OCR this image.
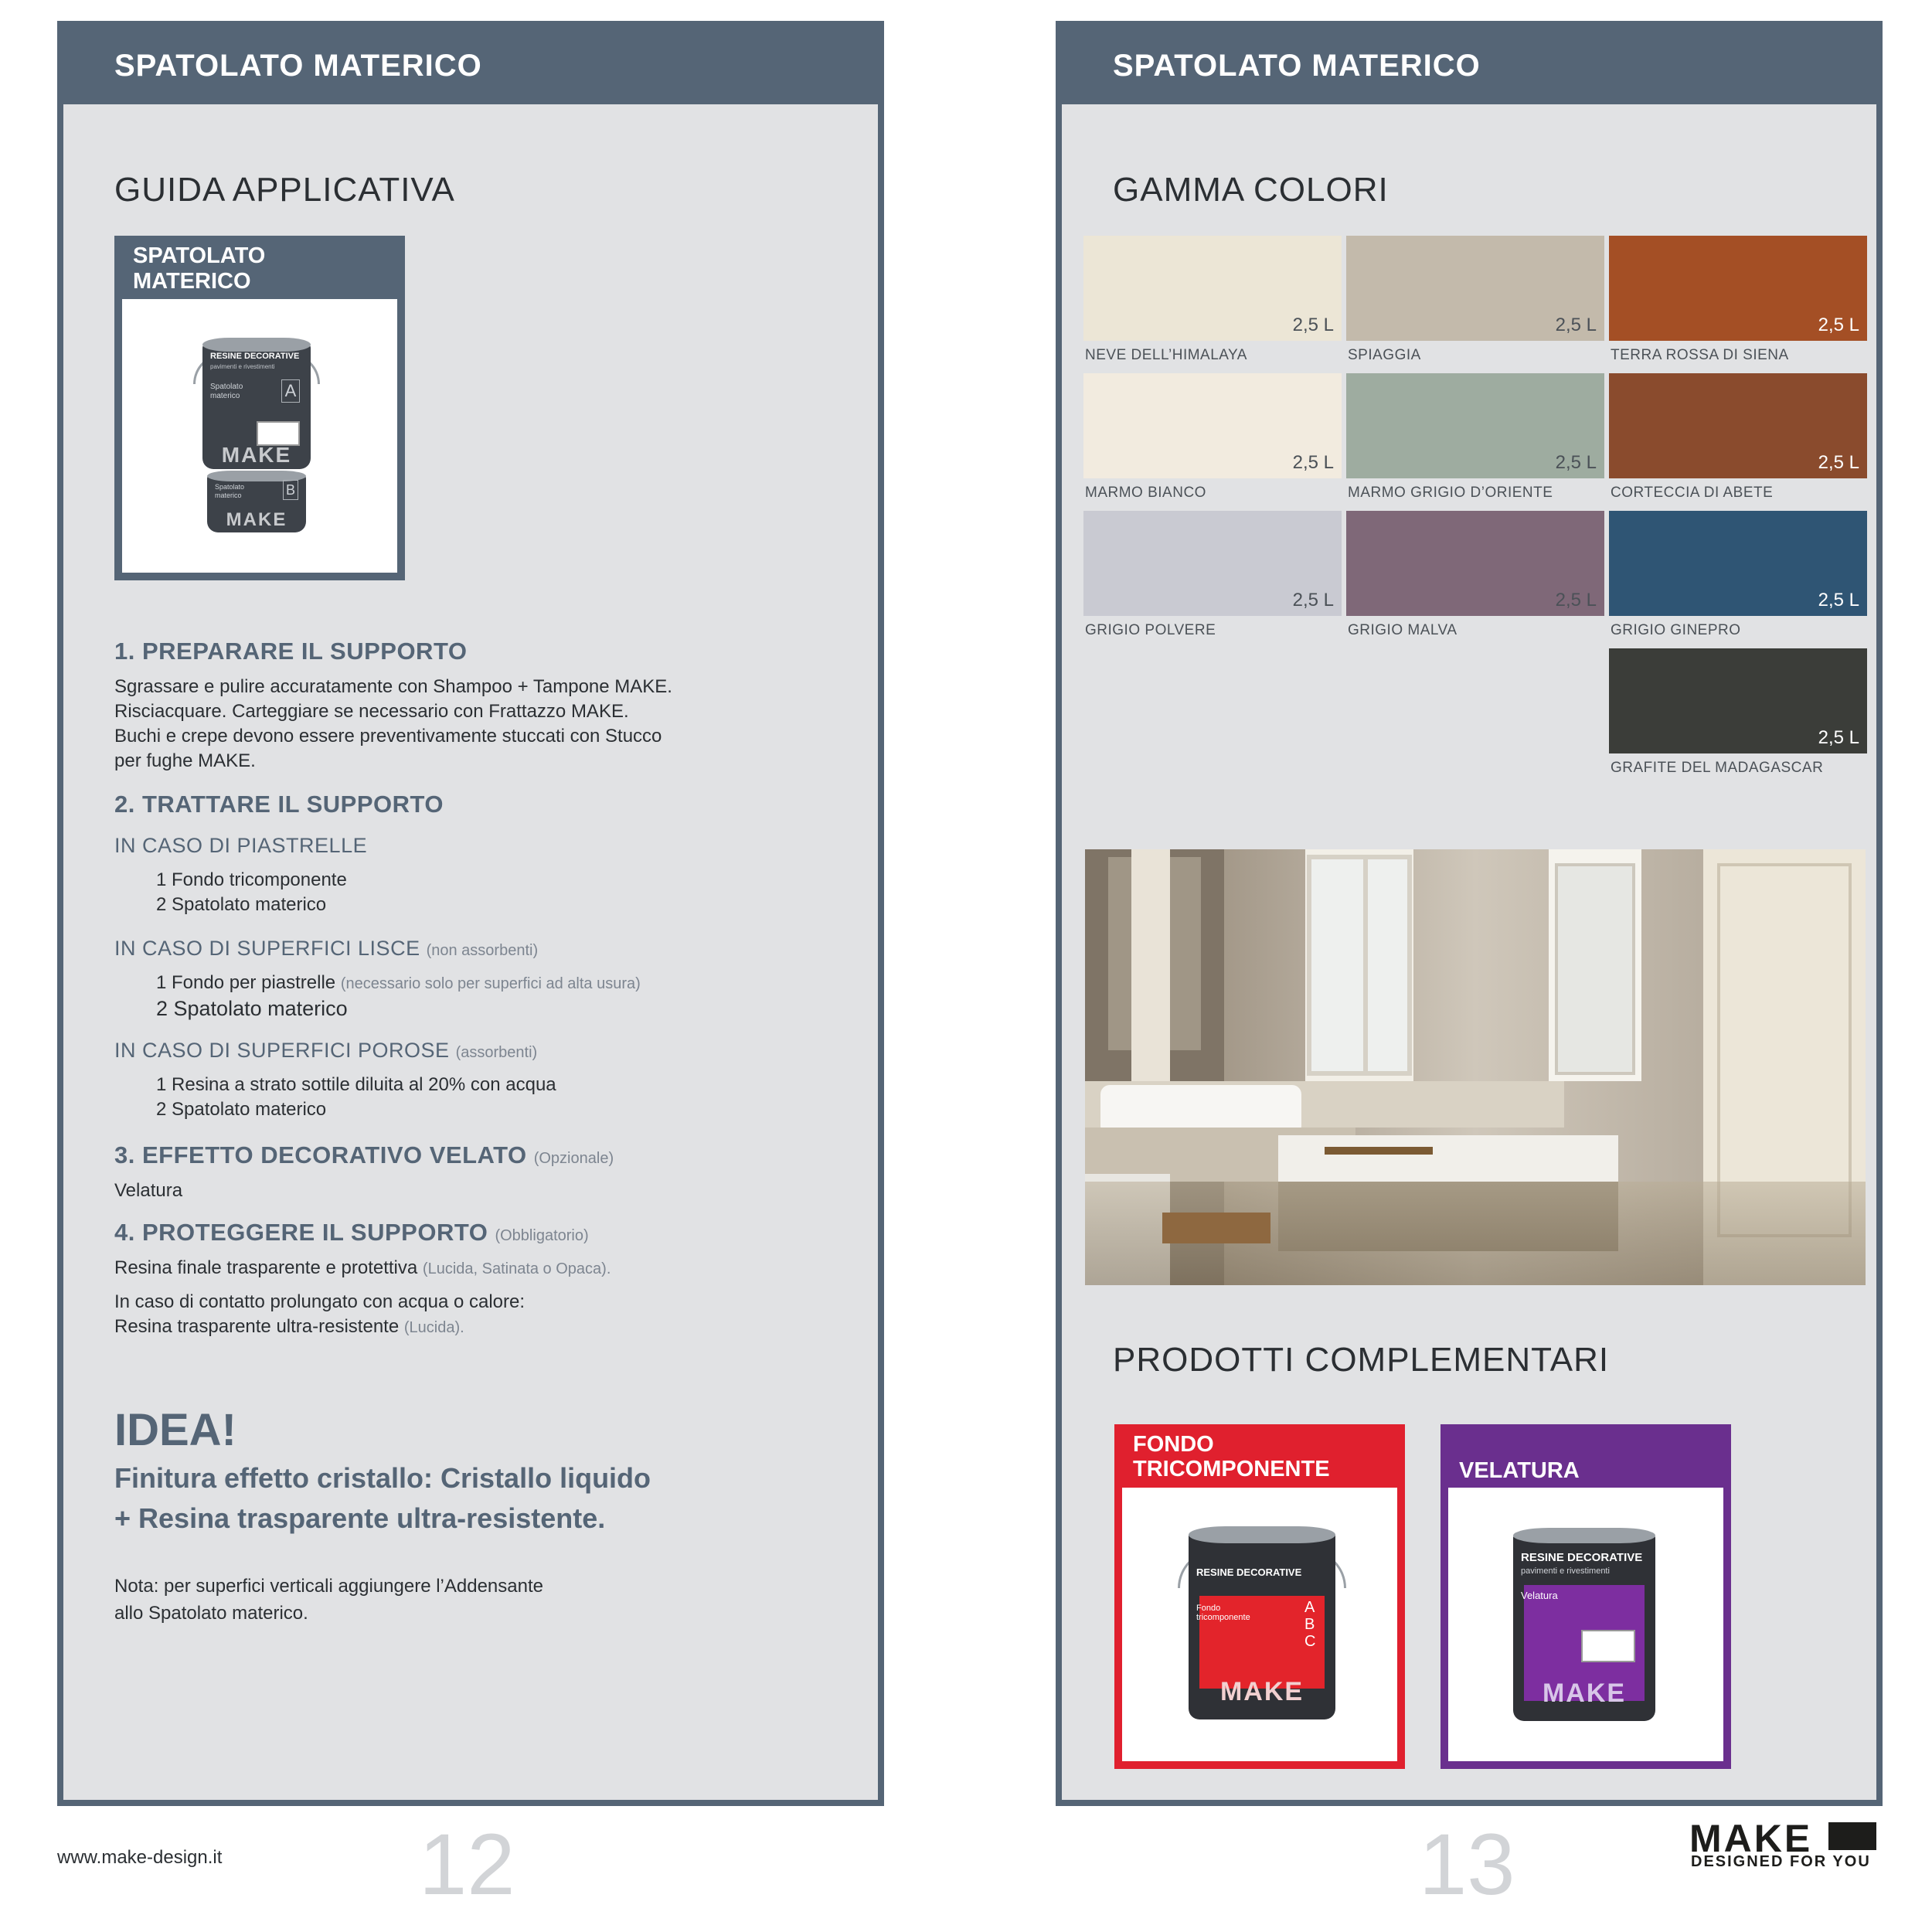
SPATOLATO MATERICO
GUIDA APPLICATIVA
SPATOLATO
MATERICO
RESINE DECORATIVE
pavimenti e rivestimenti
Spatolato materico	A
MAKE
Spatolato materico	B
MAKE
1. PREPARARE IL SUPPORTO
Sgrassare e pulire accuratamente con Shampoo + Tampone MAKE.
Risciacquare. Carteggiare se necessario con Frattazzo MAKE.
Buchi e crepe devono essere preventivamente stuccati con Stucco
per fughe MAKE.
2. TRATTARE IL SUPPORTO
IN CASO DI PIASTRELLE
1 Fondo tricomponente
2 Spatolato materico
IN CASO DI SUPERFICI LISCE (non assorbenti)
1 Fondo per piastrelle (necessario solo per superfici ad alta usura)
2 Spatolato materico
IN CASO DI SUPERFICI POROSE (assorbenti)
1 Resina a strato sottile diluita al 20% con acqua
2 Spatolato materico
3. EFFETTO DECORATIVO VELATO (Opzionale)
Velatura
4. PROTEGGERE IL SUPPORTO (Obbligatorio)
Resina finale trasparente e protettiva (Lucida, Satinata o Opaca).
In caso di contatto prolungato con acqua o calore:
Resina trasparente ultra-resistente (Lucida).
IDEA!
Finitura effetto cristallo: Cristallo liquido
+ Resina trasparente ultra-resistente.
Nota: per superfici verticali aggiungere l’Addensante
allo Spatolato materico.
SPATOLATO MATERICO
GAMMA COLORI
2,5 L
NEVE DELL’HIMALAYA
2,5 L
SPIAGGIA
2,5 L
TERRA ROSSA DI SIENA
2,5 L
MARMO BIANCO
2,5 L
MARMO GRIGIO D’ORIENTE
2,5 L
CORTECCIA DI ABETE
2,5 L
GRIGIO POLVERE
2,5 L
GRIGIO MALVA
2,5 L
GRIGIO GINEPRO
2,5 L
GRAFITE DEL MADAGASCAR
PRODOTTI COMPLEMENTARI
FONDO
TRICOMPONENTE
RESINE DECORATIVE
Fondo tricomponente
ABC
MAKE
VELATURA
RESINE DECORATIVE
pavimenti e rivestimenti
Velatura
MAKE
www.make-design.it 12	13	MAKE
DESIGNED FOR YOU
